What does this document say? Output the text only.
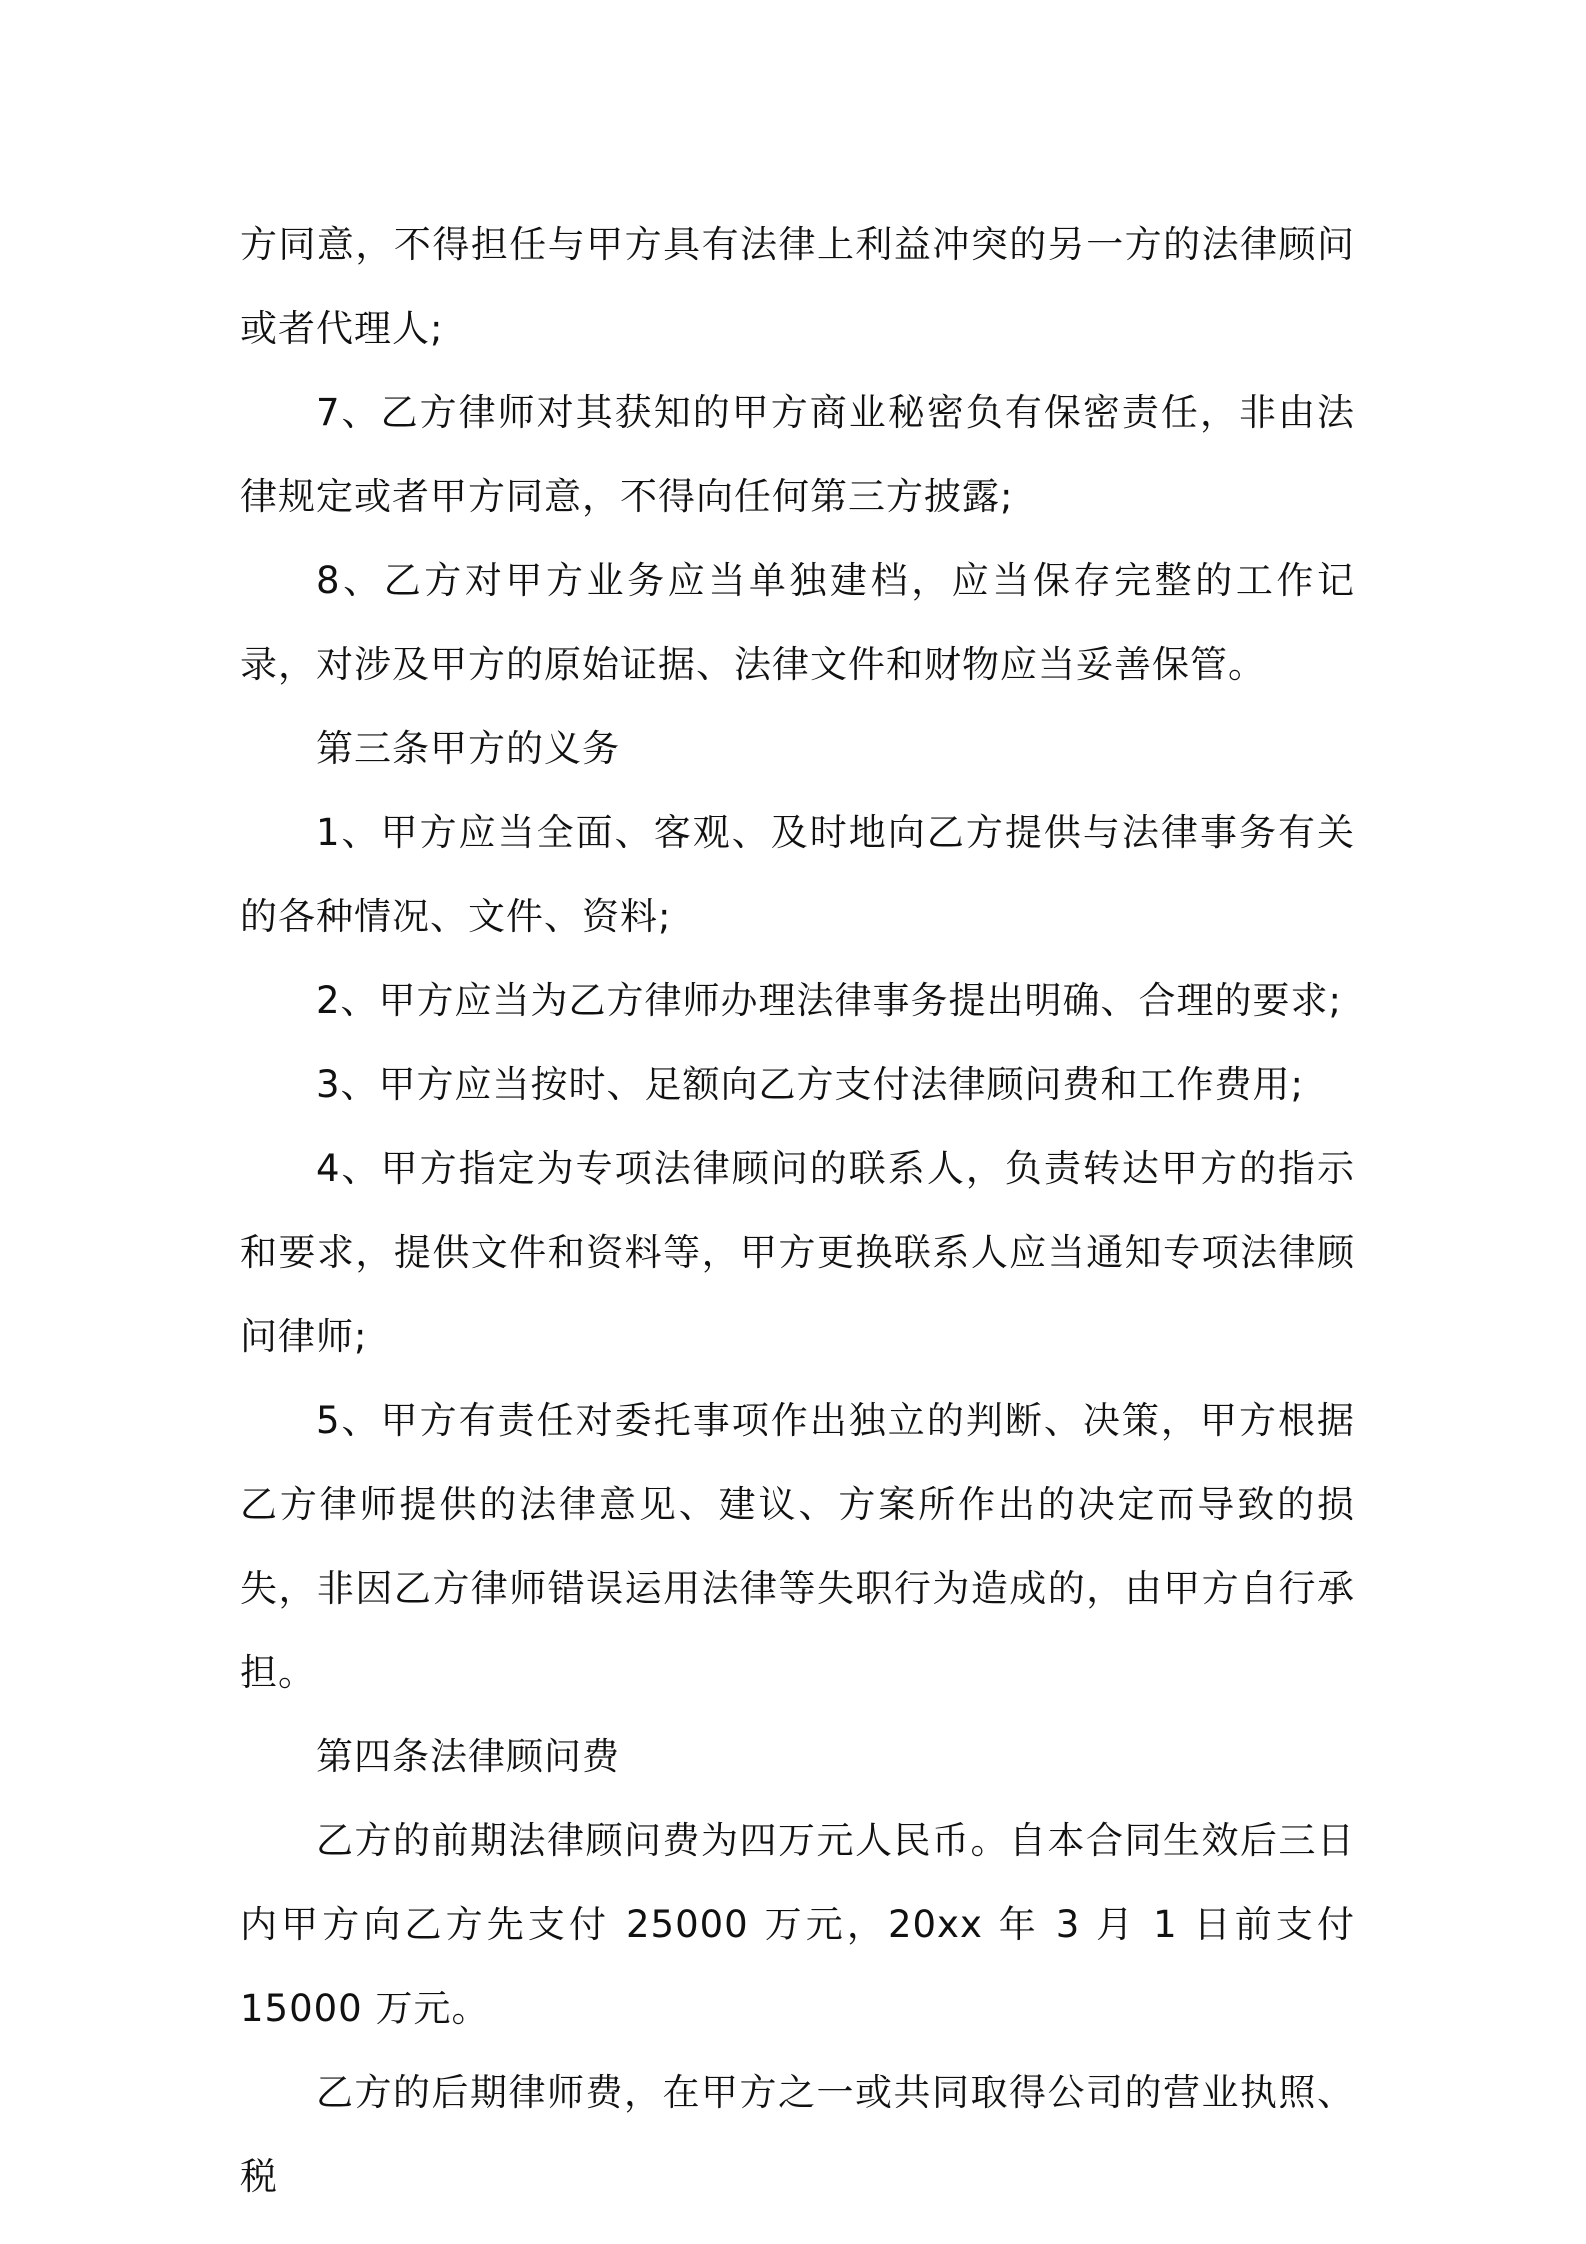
方同意，不得担任与甲方具有法律上利益冲突的另一方的法律顾问或者代理人;

7、乙方律师对其获知的甲方商业秘密负有保密责任，非由法律规定或者甲方同意，不得向任何第三方披露;

8、乙方对甲方业务应当单独建档，应当保存完整的工作记录，对涉及甲方的原始证据、法律文件和财物应当妥善保管。

第三条甲方的义务

1、甲方应当全面、客观、及时地向乙方提供与法律事务有关的各种情况、文件、资料;

2、甲方应当为乙方律师办理法律事务提出明确、合理的要求;

3、甲方应当按时、足额向乙方支付法律顾问费和工作费用;

4、甲方指定为专项法律顾问的联系人，负责转达甲方的指示和要求，提供文件和资料等，甲方更换联系人应当通知专项法律顾问律师;

5、甲方有责任对委托事项作出独立的判断、决策，甲方根据乙方律师提供的法律意见、建议、方案所作出的决定而导致的损失，非因乙方律师错误运用法律等失职行为造成的，由甲方自行承担。

第四条法律顾问费

乙方的前期法律顾问费为四万元人民币。自本合同生效后三日内甲方向乙方先支付 25000 万元，20xx 年 3 月 1 日前支付 15000 万元。

乙方的后期律师费，在甲方之一或共同取得公司的营业执照、税
